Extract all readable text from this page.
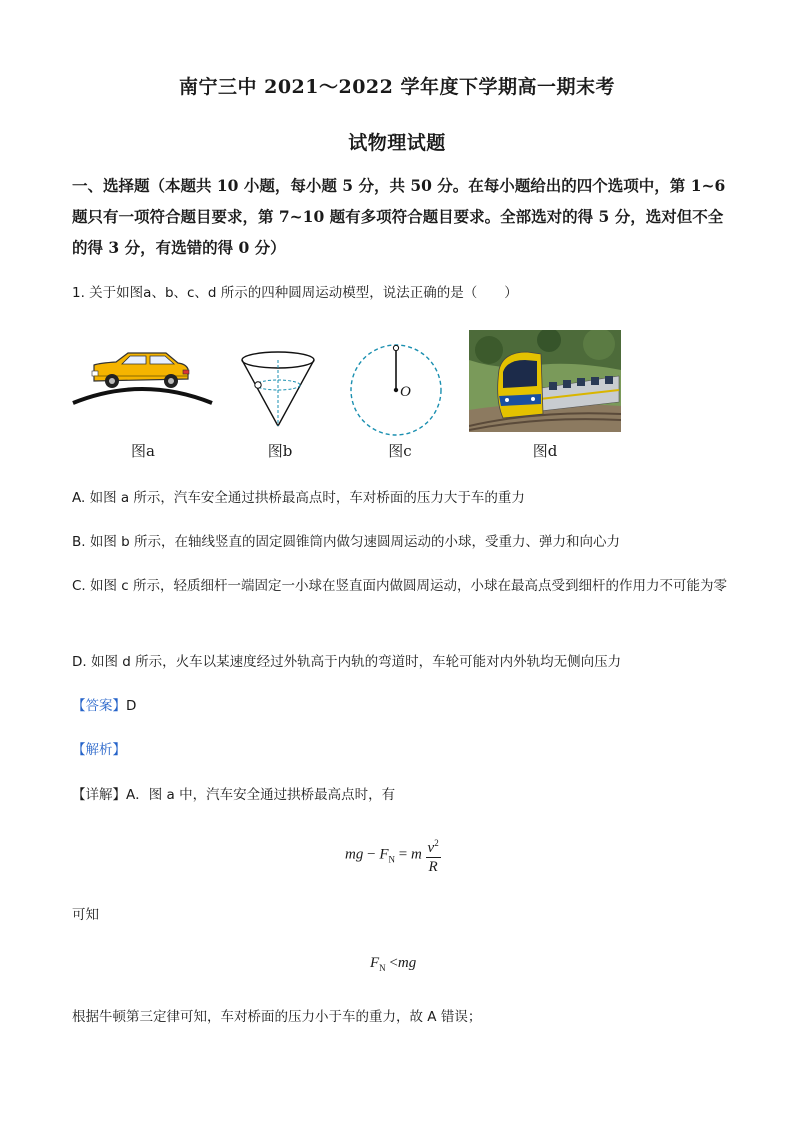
南宁三中 2021～2022 学年度下学期高一期末考
试物理试题
一、选择题（本题共 10 小题，每小题 5 分，共 50 分。在每小题给出的四个选项中，第 1~6 题只有一项符合题目要求，第 7~10 题有多项符合题目要求。全部选对的得 5 分，选对但不全的得 3 分，有选错的得 0 分）
1. 关于如图a、b、c、d 所示的四种圆周运动模型，说法正确的是（　　）
图a	图b
O
图c	图d
A. 如图 a 所示，汽车安全通过拱桥最高点时，车对桥面的压力大于车的重力
B. 如图 b 所示，在轴线竖直的固定圆锥筒内做匀速圆周运动的小球，受重力、弹力和向心力
C. 如图 c 所示，轻质细杆一端固定一小球在竖直面内做圆周运动，小球在最高点受到细杆的作用力不可能为零
D. 如图 d 所示，火车以某速度经过外轨高于内轨的弯道时，车轮可能对内外轨均无侧向压力
【答案】D
【解析】
【详解】A．图 a 中，汽车安全通过拱桥最高点时，有
mg − $F_N = m \frac{v^2}{R}$
可知
$F_N <mg$
根据牛顿第三定律可知，车对桥面的压力小于车的重力，故 A 错误；
